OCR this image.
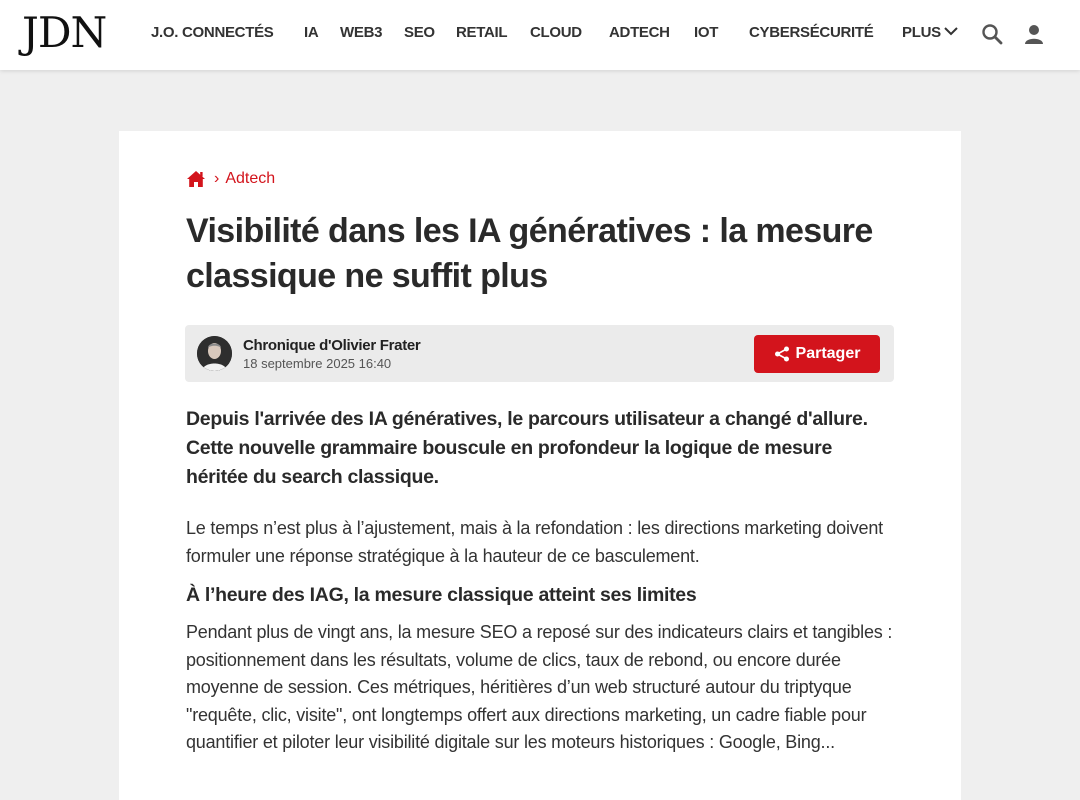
JDN	J.O. CONNECTÉS IA WEB3 SEO RETAIL CLOUD ADTECH IOT CYBERSÉCURITÉ PLUS
› Adtech
Visibilité dans les IA génératives : la mesure classique ne suffit plus
Chronique d'Olivier Frater
18 septembre 2025 16:40
Partager

Depuis l'arrivée des IA génératives, le parcours utilisateur a changé d'allure. Cette nouvelle grammaire bouscule en profondeur la logique de mesure héritée du search classique.

Le temps n’est plus à l’ajustement, mais à la refondation : les directions marketing doivent formuler une réponse stratégique à la hauteur de ce basculement.

À l’heure des IAG, la mesure classique atteint ses limites

Pendant plus de vingt ans, la mesure SEO a reposé sur des indicateurs clairs et tangibles : positionnement dans les résultats, volume de clics, taux de rebond, ou encore durée moyenne de session. Ces métriques, héritières d’un web structuré autour du triptyque "requête, clic, visite", ont longtemps offert aux directions marketing, un cadre fiable pour quantifier et piloter leur visibilité digitale sur les moteurs historiques : Google, Bing...
